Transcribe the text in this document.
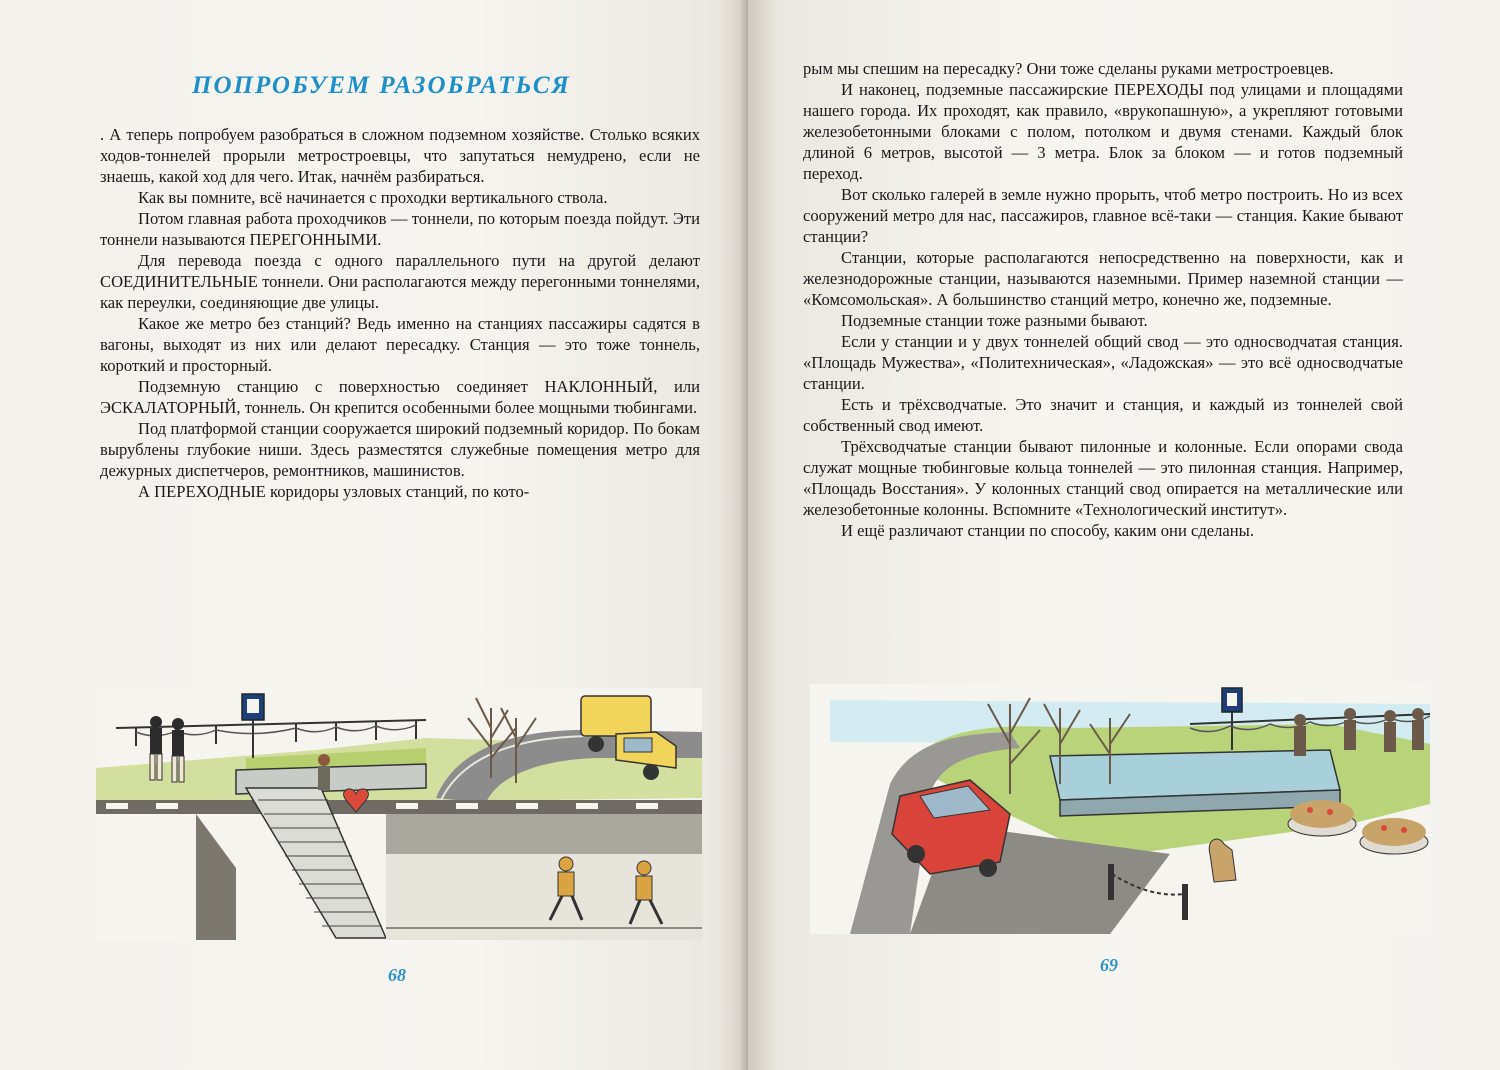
ПОПРОБУЕМ РАЗОБРАТЬСЯ

. А теперь попробуем разобраться в сложном подземном хозяйстве. Столько всяких ходов-тоннелей прорыли метростроевцы, что запутаться немудрено, если не знаешь, какой ход для чего. Итак, начнём разбираться.

Как вы помните, всё начинается с проходки вертикального ствола.

Потом главная работа проходчиков — тоннели, по которым поезда пойдут. Эти тоннели называются ПЕРЕГОННЫМИ.

Для перевода поезда с одного параллельного пути на другой делают СОЕДИНИТЕЛЬНЫЕ тоннели. Они располагаются между перегонными тоннелями, как переулки, соединяющие две улицы.

Какое же метро без станций? Ведь именно на станциях пассажиры садятся в вагоны, выходят из них или делают пересадку. Станция — это тоже тоннель, короткий и просторный.

Подземную станцию с поверхностью соединяет НАКЛОННЫЙ, или ЭСКАЛАТОРНЫЙ, тоннель. Он крепится особенными более мощными тюбингами.

Под платформой станции сооружается широкий подземный коридор. По бокам вырублены глубокие ниши. Здесь разместятся служебные помещения метро для дежурных диспетчеров, ремонтников, машинистов.

А ПЕРЕХОДНЫЕ коридоры узловых станций, по кото-

68

рым мы спешим на пересадку? Они тоже сделаны руками метростроевцев.

И наконец, подземные пассажирские ПЕРЕХОДЫ под улицами и площадями нашего города. Их проходят, как правило, «врукопашную», а укрепляют готовыми железобетонными блоками с полом, потолком и двумя стенами. Каждый блок длиной 6 метров, высотой — 3 метра. Блок за блоком — и готов подземный переход.

Вот сколько галерей в земле нужно прорыть, чтоб метро построить. Но из всех сооружений метро для нас, пассажиров, главное всё-таки — станция. Какие бывают станции?

Станции, которые располагаются непосредственно на поверхности, как и железнодорожные станции, называются наземными. Пример наземной станции — «Комсомольская». А большинство станций метро, конечно же, подземные.

Подземные станции тоже разными бывают.

Если у станции и у двух тоннелей общий свод — это односводчатая станция. «Площадь Мужества», «Политехническая», «Ладожская» — это всё односводчатые станции.

Есть и трёхсводчатые. Это значит и станция, и каждый из тоннелей свой собственный свод имеют.

Трёхсводчатые станции бывают пилонные и колонные. Если опорами свода служат мощные тюбинговые кольца тоннелей — это пилонная станция. Например, «Площадь Восстания». У колонных станций свод опирается на металлические или железобетонные колонны. Вспомните «Технологический институт».

И ещё различают станции по способу, каким они сделаны.

69
